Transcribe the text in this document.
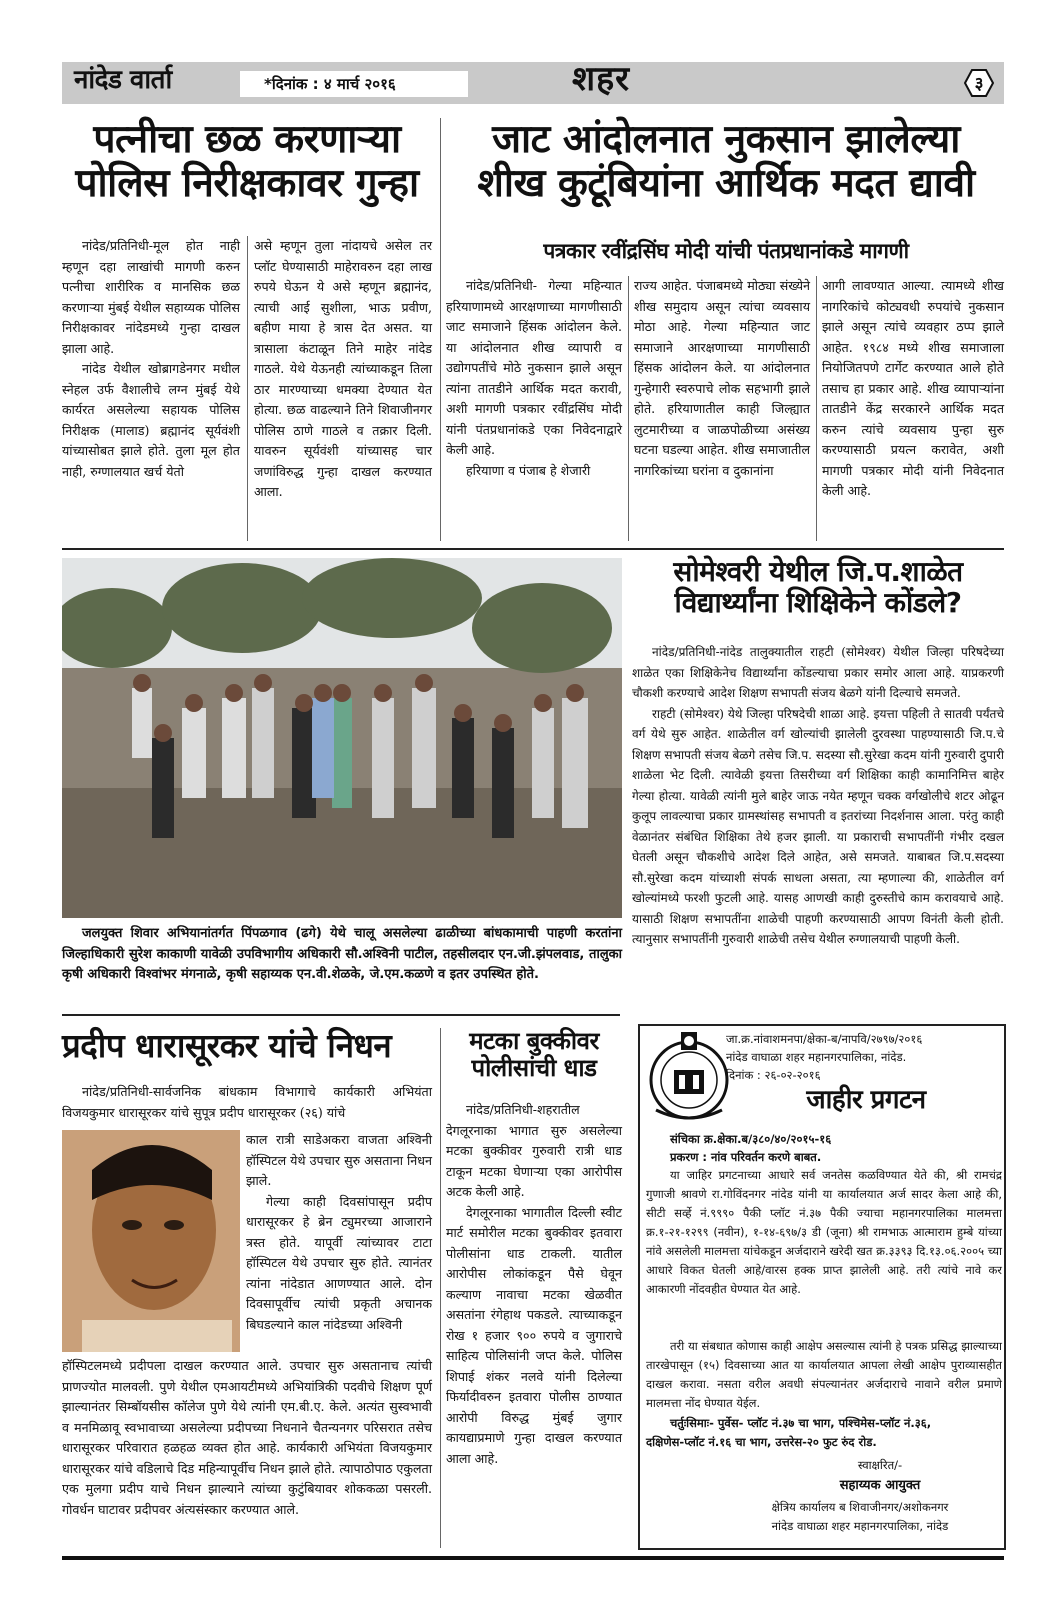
नांदेड वार्ता	*दिनांक : ४ मार्च २०१६	शहर	३
पत्नीचा छळ करणाऱ्या
पोलिस निरीक्षकावर गुन्हा
नांदेड/प्रतिनिधी-मूल होत नाही म्हणून दहा लाखांची मागणी करुन पत्नीचा शारीरिक व मानसिक छळ करणाऱ्या मुंबई येथील सहाय्यक पोलिस निरीक्षकावर नांदेडमध्ये गुन्हा दाखल झाला आहे.
नांदेड येथील खोब्रागडेनगर मधील स्नेहल उर्फ वैशालीचे लग्न मुंबई येथे कार्यरत असलेल्या सहायक पोलिस निरीक्षक (मालाड) ब्रह्मानंद सूर्यवंशी यांच्यासोबत झाले होते. तुला मूल होत नाही, रुग्णालयात खर्च येतो
असे म्हणून तुला नांदायचे असेल तर प्लॉट घेण्यासाठी माहेरावरुन दहा लाख रुपये घेऊन ये असे म्हणून ब्रह्मानंद, त्याची आई सुशीला, भाऊ प्रवीण, बहीण माया हे त्रास देत असत. या त्रासाला कंटाळून तिने माहेर नांदेड गाठले. येथे येऊनही त्यांच्याकडून तिला ठार मारण्याच्या धमक्या देण्यात येत होत्या. छळ वाढल्याने तिने शिवाजीनगर पोलिस ठाणे गाठले व तक्रार दिली. यावरुन सूर्यवंशी यांच्यासह चार जणांविरुद्ध गुन्हा दाखल करण्यात आला.
जाट आंदोलनात नुकसान झालेल्या
शीख कुटूंबियांना आर्थिक मदत द्यावी
पत्रकार रवींद्रसिंघ मोदी यांची पंतप्रधानांकडे मागणी
नांदेड/प्रतिनिधी- गेल्या महिन्यात हरियाणामध्ये आरक्षणाच्या मागणीसाठी जाट समाजाने हिंसक आंदोलन केले. या आंदोलनात शीख व्यापारी व उद्योगपतींचे मोठे नुकसान झाले असून त्यांना तातडीने आर्थिक मदत करावी, अशी मागणी पत्रकार रवींद्रसिंघ मोदी यांनी पंतप्रधानांकडे एका निवेदनाद्वारे केली आहे.
हरियाणा व पंजाब हे शेजारी
राज्य आहेत. पंजाबमध्ये मोठ्या संख्येने शीख समुदाय असून त्यांचा व्यवसाय मोठा आहे. गेल्या महिन्यात जाट समाजाने आरक्षणाच्या मागणीसाठी हिंसक आंदोलन केले. या आंदोलनात गुन्हेगारी स्वरुपाचे लोक सहभागी झाले होते. हरियाणातील काही जिल्ह्यात लुटमारीच्या व जाळपोळीच्या असंख्य घटना घडल्या आहेत. शीख समाजातील नागरिकांच्या घरांना व दुकानांना
आगी लावण्यात आल्या. त्यामध्ये शीख नागरिकांचे कोट्यवधी रुपयांचे नुकसान झाले असून त्यांचे व्यवहार ठप्प झाले आहेत. १९८४ मध्ये शीख समाजाला नियोजितपणे टार्गेट करण्यात आले होते तसाच हा प्रकार आहे. शीख व्यापाऱ्यांना तातडीने केंद्र सरकारने आर्थिक मदत करुन त्यांचे व्यवसाय पुन्हा सुरु करण्यासाठी प्रयत्न करावेत, अशी मागणी पत्रकार मोदी यांनी निवेदनात केली आहे.
जलयुक्त शिवार अभियानांतर्गत पिंपळगाव (ढगे) येथे चालू असलेल्या ढाळीच्या बांधकामाची पाहणी करतांना जिल्हाधिकारी सुरेश काकाणी यावेळी उपविभागीय अधिकारी सौ.अश्विनी पाटील, तहसीलदार एन.जी.झंपलवाड, तालुका कृषी अधिकारी विश्वांभर मंगनाळे, कृषी सहाय्यक एन.वी.शेळके, जे.एम.कळणे व इतर उपस्थित होते.
सोमेश्वरी येथील जि.प.शाळेत
विद्यार्थ्यांना शिक्षिकेने कोंडले?
नांदेड/प्रतिनिधी-नांदेड तालुक्यातील राहटी (सोमेश्वर) येथील जिल्हा परिषदेच्या शाळेत एका शिक्षिकेनेच विद्यार्थ्यांना कोंडल्याचा प्रकार समोर आला आहे. याप्रकरणी चौकशी करण्याचे आदेश शिक्षण सभापती संजय बेळगे यांनी दिल्याचे समजते.
राहटी (सोमेश्वर) येथे जिल्हा परिषदेची शाळा आहे. इयत्ता पहिली ते सातवी पर्यंतचे वर्ग येथे सुरु आहेत. शाळेतील वर्ग खोल्यांची झालेली दुरवस्था पाहण्यासाठी जि.प.चे शिक्षण सभापती संजय बेळगे तसेच जि.प. सदस्या सौ.सुरेखा कदम यांनी गुरुवारी दुपारी शाळेला भेट दिली. त्यावेळी इयत्ता तिसरीच्या वर्ग शिक्षिका काही कामानिमित्त बाहेर गेल्या होत्या. यावेळी त्यांनी मुले बाहेर जाऊ नयेत म्हणून चक्क वर्गखोलीचे शटर ओढून कुलूप लावल्याचा प्रकार ग्रामस्थांसह सभापती व इतरांच्या निदर्शनास आला. परंतु काही वेळानंतर संबंधित शिक्षिका तेथे हजर झाली. या प्रकाराची सभापतींनी गंभीर दखल घेतली असून चौकशीचे आदेश दिले आहेत, असे समजते. याबाबत जि.प.सदस्या सौ.सुरेखा कदम यांच्याशी संपर्क साधला असता, त्या म्हणाल्या की, शाळेतील वर्ग खोल्यांमध्ये फरशी फुटली आहे. यासह आणखी काही दुरुस्तीचे काम करावयाचे आहे. यासाठी शिक्षण सभापतींना शाळेची पाहणी करण्यासाठी आपण विनंती केली होती. त्यानुसार सभापतींनी गुरुवारी शाळेची तसेच येथील रुग्णालयाची पाहणी केली.
प्रदीप धारासूरकर यांचे निधन
नांदेड/प्रतिनिधी-सार्वजनिक बांधकाम विभागाचे कार्यकारी अभियंता विजयकुमार धारासूरकर यांचे सुपूत्र प्रदीप धारासूरकर (२६) यांचे
काल रात्री साडेअकरा वाजता अश्विनी हॉस्पिटल येथे उपचार सुरु असताना निधन झाले.
गेल्या काही दिवसांपासून प्रदीप धारासूरकर हे ब्रेन ट्युमरच्या आजाराने त्रस्त होते. यापूर्वी त्यांच्यावर टाटा हॉस्पिटल येथे उपचार सुरु होते. त्यानंतर त्यांना नांदेडात आणण्यात आले. दोन दिवसापूर्वीच त्यांची प्रकृती अचानक बिघडल्याने काल नांदेडच्या अश्विनी
हॉस्पिटलमध्ये प्रदीपला दाखल करण्यात आले. उपचार सुरु असतानाच त्यांची प्राणज्योत मालवली. पुणे येथील एमआयटीमध्ये अभियांत्रिकी पदवीचे शिक्षण पूर्ण झाल्यानंतर सिम्बॉयसीस कॉलेज पुणे येथे त्यांनी एम.बी.ए. केले. अत्यंत सुस्वभावी व मनमिळावू स्वभावाच्या असलेल्या प्रदीपच्या निधनाने चैतन्यनगर परिसरात तसेच धारासूरकर परिवारात हळहळ व्यक्त होत आहे. कार्यकारी अभियंता विजयकुमार धारासूरकर यांचे वडिलाचे दिड महिन्यापूर्वीच निधन झाले होते. त्यापाठोपाठ एकुलता एक मुलगा प्रदीप याचे निधन झाल्याने त्यांच्या कुटुंबियावर शोककळा पसरली. गोवर्धन घाटावर प्रदीपवर अंत्यसंस्कार करण्यात आले.
मटका बुक्कीवर
पोलीसांची धाड
नांदेड/प्रतिनिधी-शहरातील देगलूरनाका भागात सुरु असलेल्या मटका बुक्कीवर गुरुवारी रात्री धाड टाकून मटका घेणाऱ्या एका आरोपीस अटक केली आहे.
देगलूरनाका भागातील दिल्ली स्वीट मार्ट समोरील मटका बुक्कीवर इतवारा पोलीसांना धाड टाकली. यातील आरोपीस लोकांकडून पैसे घेवून कल्याण नावाचा मटका खेळवीत असतांना रंगेहाथ पकडले. त्याच्याकडून रोख १ हजार ९०० रुपये व जुगाराचे साहित्य पोलिसांनी जप्त केले. पोलिस शिपाई शंकर नलवे यांनी दिलेल्या फिर्यादीवरुन इतवारा पोलीस ठाण्यात आरोपी विरुद्ध मुंबई जुगार कायद्याप्रमाणे गुन्हा दाखल करण्यात आला आहे.
जा.क्र.नांवाशमनपा/क्षेका-ब/नापवि/२७९७/२०१६
नांदेड वाघाळा शहर महानगरपालिका, नांदेड.
दिनांक : २६-०२-२०१६
जाहीर प्रगटन
संचिका क्र.क्षेका.ब/३८०/४०/२०१५-१६
प्रकरण : नांव परिवर्तन करणे बाबत.
या जाहिर प्रगटनाच्या आधारे सर्व जनतेस कळविण्यात येते की, श्री रामचंद्र गुणाजी श्रावणे रा.गोविंदनगर नांदेड यांनी या कार्यालयात अर्ज सादर केला आहे की, सीटी सर्व्हे नं.९९९० पैकी प्लॉट नं.३७ पैकी ज्याचा महानगरपालिका मालमत्ता क्र.१-२१-१२९९ (नवीन), १-१४-६९७/३ डी (जूना) श्री रामभाऊ आत्माराम हुम्बे यांच्या नांवे असलेली मालमत्ता यांचेकडून अर्जदाराने खरेदी खत क्र.३३९३ दि.१३.०६.२००५ च्या आधारे विकत घेतली आहे/वारस हक्क प्राप्त झालेली आहे. तरी त्यांचे नावे कर आकारणी नोंदवहीत घेण्यात येत आहे.
तरी या संबधात कोणास काही आक्षेप असल्यास त्यांनी हे पत्रक प्रसिद्ध झाल्याच्या तारखेपासून (१५) दिवसाच्या आत या कार्यालयात आपला लेखी आक्षेप पुराव्यासहीत दाखल करावा. नसता वरील अवधी संपल्यानंतर अर्जदाराचे नावाने वरील प्रमाणे मालमत्ता नोंद घेण्यात येईल.
चर्तुःसिमाः- पुर्वेस- प्लॉट नं.३७ चा भाग, पश्चिमेस-प्लॉट नं.३६,
दक्षिणेस-प्लॉट नं.१६ चा भाग, उत्तरेस-२० फुट रुंद रोड.
स्वाक्षरित/-
सहाय्यक आयुक्त
क्षेत्रिय कार्यालय ब शिवाजीनगर/अशोकनगर
नांदेड वाघाळा शहर महानगरपालिका, नांदेड
